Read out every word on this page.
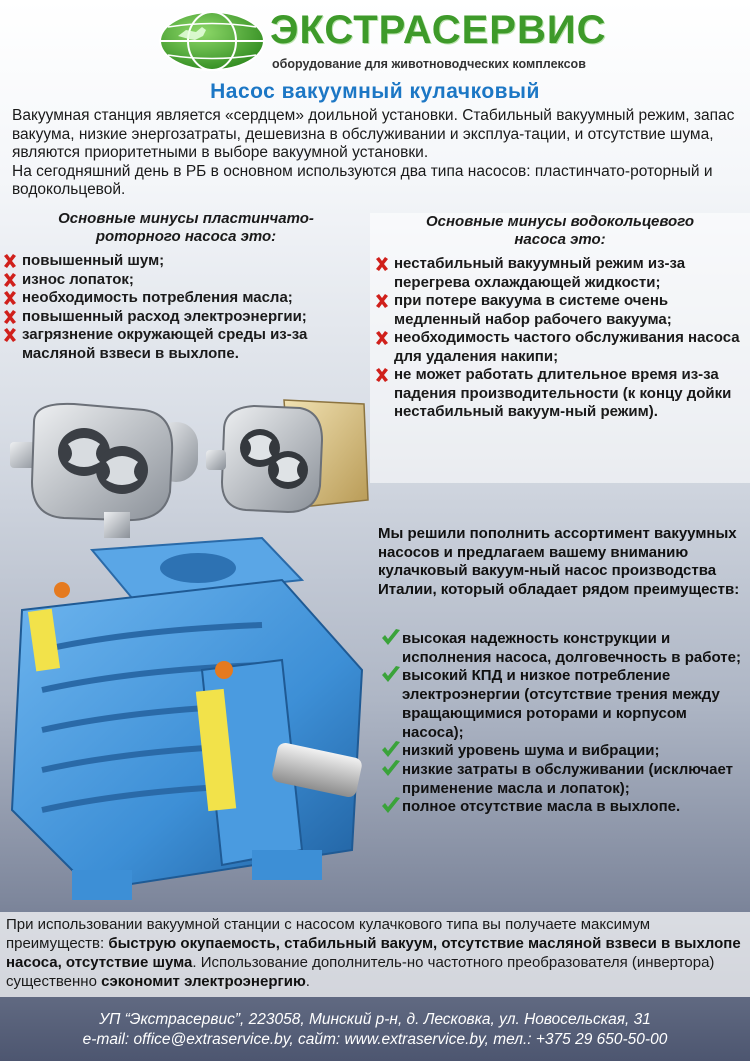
ЭКСТРАСЕРВИС
оборудование для животноводческих комплексов
Насос вакуумный кулачковый

Вакуумная станция является «сердцем» доильной установки. Стабильный вакуумный режим, запас вакуума, низкие энергозатраты, дешевизна в обслуживании и эксплуа-тации, и отсутствие шума, являются приоритетными в выборе вакуумной установки.

На сегодняшний день в РБ в основном используются два типа насосов: пластинчато-роторный и водокольцевой.

Основные минусы пластинчато-
роторного насоса это:
повышенный шум;
износ лопаток;
необходимость потребления масла;
повышенный расход электроэнергии;
загрязнение окружающей среды из-за масляной взвеси в выхлопе.
Основные минусы водокольцевого
насоса это:
нестабильный вакуумный режим из-за перегрева охлаждающей жидкости;
при потере вакуума в системе очень медленный набор рабочего вакуума;
необходимость частого обслуживания насоса для удаления накипи;
не может работать длительное время из-за падения производительности (к концу дойки нестабильный вакуум-ный режим).
Мы решили пополнить ассортимент вакуумных насосов и предлагаем вашему вниманию кулачковый вакуум-ный насос производства Италии, который обладает рядом преимуществ:
высокая надежность конструкции и исполнения насоса, долговечность в работе;
высокий КПД и низкое потребление электроэнергии (отсутствие трения между вращающимися роторами и корпусом насоса);
низкий уровень шума и вибрации;
низкие затраты в обслуживании (исключает применение масла и лопаток);
полное отсутствие масла в выхлопе.

При использовании вакуумной станции с насосом кулачкового типа вы получаете максимум преимуществ: быструю окупаемость, стабильный вакуум, отсутствие масляной взвеси в выхлопе насоса, отсутствие шума. Использование дополнитель-но частотного преобразователя (инвертора) существенно сэкономит электроэнергию.

УП “Экстрасервис”, 223058, Минский р-н, д. Лесковка, ул. Новосельская, 31
e-mail: office@extraservice.by, сайт: www.extraservice.by, тел.: +375 29 650-50-00
